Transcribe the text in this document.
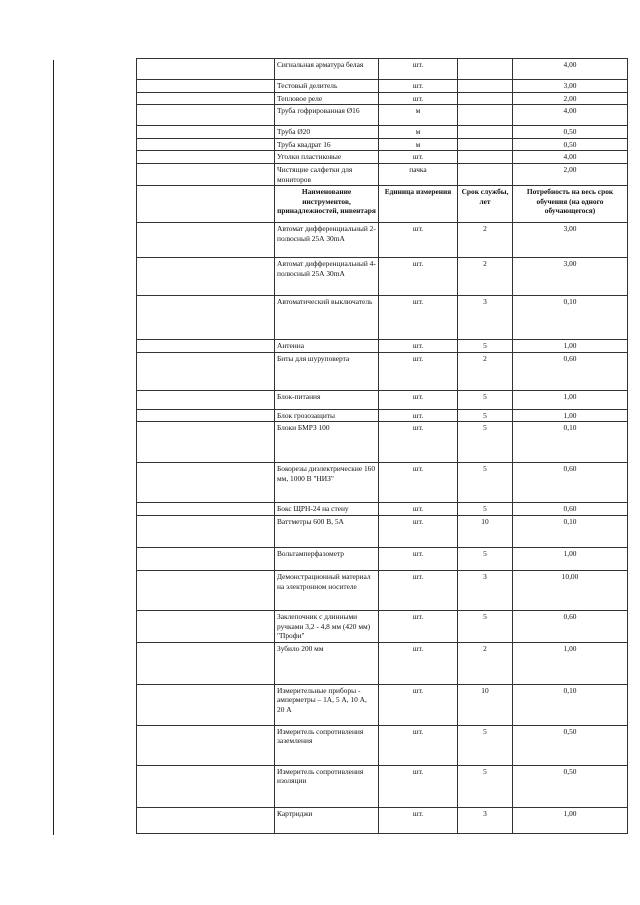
	Сигнальная арматура белая	шт.		4,00
	Тестовый делитель	шт.		3,00
	Тепловое реле	шт.		2,00
	Труба гофрированная Ø16	м		4,00
	Труба Ø20	м		0,50
	Труба квадрат 16	м		0,50
	Уголки пластиковые	шт.		4,00
	Чистящие салфетки для мониторов	пачка		2,00
	Наименование инструментов, принадлежностей, инвентаря	Единица измерения	Срок службы, лет	Потребность на весь срок обучения (на одного обучающегося)
	Автомат дифференциальный 2-полюсный 25А 30mA	шт.	2	3,00
	Автомат дифференциальный 4-полюсный 25А 30mA	шт.	2	3,00
	Автоматический выключатель	шт.	3	0,10
	Антенна	шт.	5	1,00
	Биты для шуруповерта	шт.	2	0,60
	Блок-питания	шт.	5	1,00
	Блок грозозащиты	шт.	5	1,00
	Блоки БМРЗ 100	шт.	5	0,10
	Бокорезы диэлектрические 160 мм, 1000 В "НИЗ"	шт.	5	0,60
	Бокс ЩРН-24 на стену	шт.	5	0,60
	Ваттметры 600 В, 5А	шт.	10	0,10
	Вольтамперфазометр	шт.	5	1,00
	Демонстрационный материал на электронном носителе	шт.	3	10,00
	Заклепочник с длинными ручками 3,2 - 4,8 мм (420 мм) "Профи"	шт.	5	0,60
	Зубило 200 мм	шт.	2	1,00
	Измерительные приборы - амперметры – 1А, 5 А, 10 А, 20 А	шт.	10	0,10
	Измеритель сопротивления заземления	шт.	5	0,50
	Измеритель сопротивления изоляции	шт.	5	0,50
	Картриджи	шт.	3	1,00
